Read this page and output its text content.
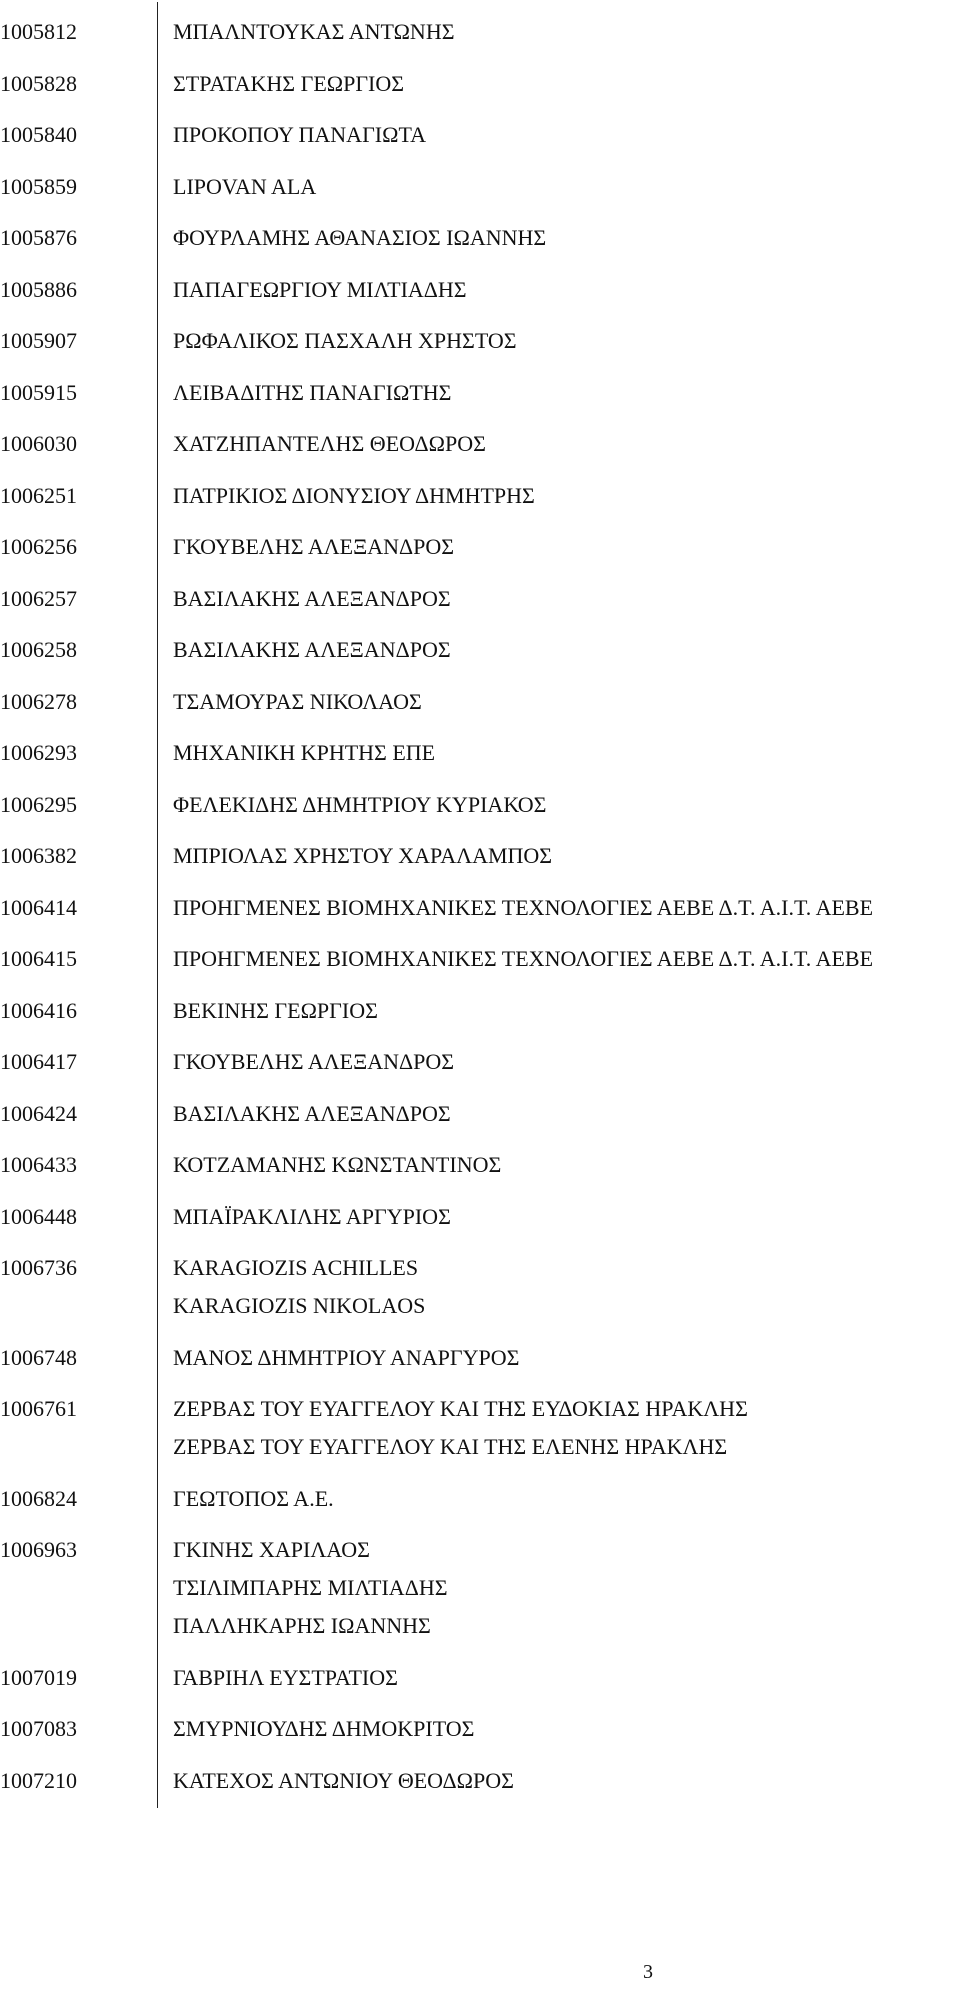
1005812	ΜΠΑΛΝΤΟΥΚΑΣ ΑΝΤΩΝΗΣ
1005828	ΣΤΡΑΤΑΚΗΣ ΓΕΩΡΓΙΟΣ
1005840	ΠΡΟΚΟΠΟΥ ΠΑΝΑΓΙΩΤΑ
1005859	LIPOVAN ALA
1005876	ΦΟΥΡΛΑΜΗΣ ΑΘΑΝΑΣΙΟΣ ΙΩΑΝΝΗΣ
1005886	ΠΑΠΑΓΕΩΡΓΙΟΥ ΜΙΛΤΙΑΔΗΣ
1005907	ΡΩΦΑΛΙΚΟΣ ΠΑΣΧΑΛΗ ΧΡΗΣΤΟΣ
1005915	ΛΕΙΒΑΔΙΤΗΣ ΠΑΝΑΓΙΩΤΗΣ
1006030	ΧΑΤΖΗΠΑΝΤΕΛΗΣ ΘΕΟΔΩΡΟΣ
1006251	ΠΑΤΡΙΚΙΟΣ ΔΙΟΝΥΣΙΟΥ ΔΗΜΗΤΡΗΣ
1006256	ΓΚΟΥΒΕΛΗΣ ΑΛΕΞΑΝΔΡΟΣ
1006257	ΒΑΣΙΛΑΚΗΣ ΑΛΕΞΑΝΔΡΟΣ
1006258	ΒΑΣΙΛΑΚΗΣ ΑΛΕΞΑΝΔΡΟΣ
1006278	ΤΣΑΜΟΥΡΑΣ ΝΙΚΟΛΑΟΣ
1006293	ΜΗΧΑΝΙΚΗ ΚΡΗΤΗΣ ΕΠΕ
1006295	ΦΕΛΕΚΙΔΗΣ ΔΗΜΗΤΡΙΟΥ ΚΥΡΙΑΚΟΣ
1006382	ΜΠΡΙΟΛΑΣ ΧΡΗΣΤΟΥ ΧΑΡΑΛΑΜΠΟΣ
1006414	ΠΡΟΗΓΜΕΝΕΣ ΒΙΟΜΗΧΑΝΙΚΕΣ ΤΕΧΝΟΛΟΓΙΕΣ ΑΕΒΕ Δ.Τ. Α.Ι.Τ. ΑΕΒΕ
1006415	ΠΡΟΗΓΜΕΝΕΣ ΒΙΟΜΗΧΑΝΙΚΕΣ ΤΕΧΝΟΛΟΓΙΕΣ ΑΕΒΕ Δ.Τ. Α.Ι.Τ. ΑΕΒΕ
1006416	ΒΕΚΙΝΗΣ ΓΕΩΡΓΙΟΣ
1006417	ΓΚΟΥΒΕΛΗΣ ΑΛΕΞΑΝΔΡΟΣ
1006424	ΒΑΣΙΛΑΚΗΣ ΑΛΕΞΑΝΔΡΟΣ
1006433	ΚΟΤΖΑΜΑΝΗΣ ΚΩΝΣΤΑΝΤΙΝΟΣ
1006448	ΜΠΑΪΡΑΚΛΙΛΗΣ ΑΡΓΥΡΙΟΣ
1006736	KARAGIOZIS ACHILLES
KARAGIOZIS NIKOLAOS
1006748	ΜΑΝΟΣ ΔΗΜΗΤΡΙΟΥ ΑΝΑΡΓΥΡΟΣ
1006761	ΖΕΡΒΑΣ ΤΟΥ ΕΥΑΓΓΕΛΟΥ ΚΑΙ ΤΗΣ ΕΥΔΟΚΙΑΣ ΗΡΑΚΛΗΣ
ΖΕΡΒΑΣ ΤΟΥ ΕΥΑΓΓΕΛΟΥ ΚΑΙ ΤΗΣ ΕΛΕΝΗΣ ΗΡΑΚΛΗΣ
1006824	ΓΕΩΤΟΠΟΣ Α.Ε.
1006963	ΓΚΙΝΗΣ ΧΑΡΙΛΑΟΣ
ΤΣΙΛΙΜΠΑΡΗΣ ΜΙΛΤΙΑΔΗΣ
ΠΑΛΛΗΚΑΡΗΣ ΙΩΑΝΝΗΣ
1007019	ΓΑΒΡΙΗΛ ΕΥΣΤΡΑΤΙΟΣ
1007083	ΣΜΥΡΝΙΟΥΔΗΣ ΔΗΜΟΚΡΙΤΟΣ
1007210	ΚΑΤΕΧΟΣ ΑΝΤΩΝΙΟΥ ΘΕΟΔΩΡΟΣ
3
